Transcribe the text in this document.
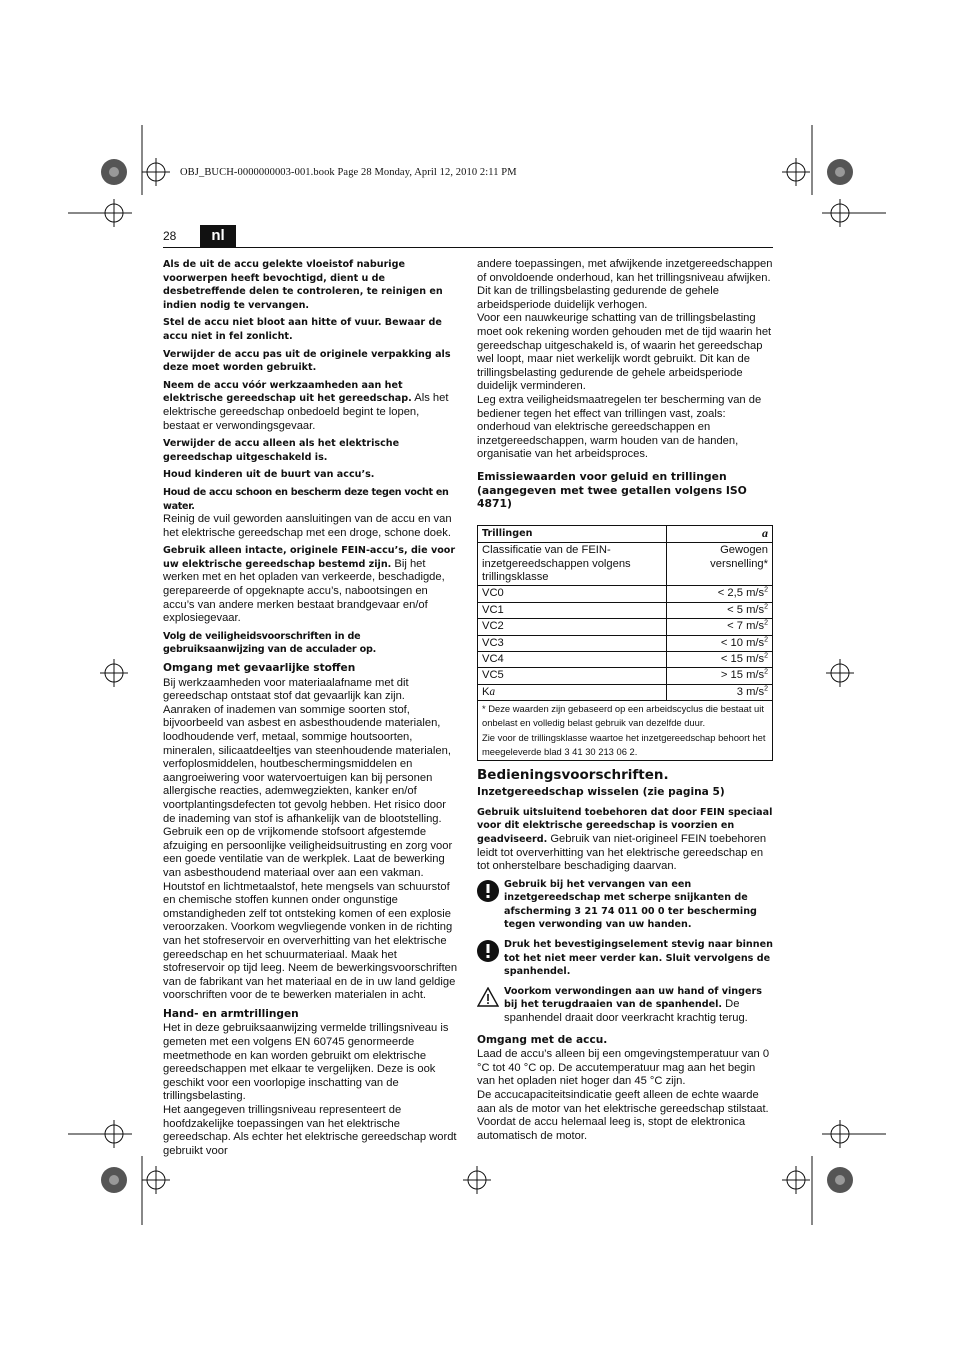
OBJ_BUCH-0000000003-001.book Page 28 Monday, April 12, 2010 2:11 PM
28	nl

Als de uit de accu gelekte vloeistof naburige voorwerpen heeft bevochtigd, dient u de desbetreffende delen te controleren, te reinigen en indien nodig te vervangen.

Stel de accu niet bloot aan hitte of vuur. Bewaar de accu niet in fel zonlicht.

Verwijder de accu pas uit de originele verpakking als deze moet worden gebruikt.

Neem de accu vóór werkzaamheden aan het elektrische gereedschap uit het gereedschap. Als het elektrische gereedschap onbedoeld begint te lopen, bestaat er verwondingsgevaar.

Verwijder de accu alleen als het elektrische gereedschap uitgeschakeld is.

Houd kinderen uit de buurt van accu’s.

Houd de accu schoon en bescherm deze tegen vocht en water.
Reinig de vuil geworden aansluitingen van de accu en van het elektrische gereedschap met een droge, schone doek.

Gebruik alleen intacte, originele FEIN-accu’s, die voor uw elektrische gereedschap bestemd zijn. Bij het werken met en het opladen van verkeerde, beschadigde, gerepareerde of opgeknapte accu’s, nabootsingen en accu’s van andere merken bestaat brandgevaar en/of explosiegevaar.

Volg de veiligheidsvoorschriften in de gebruiksaanwijzing van de acculader op.

Omgang met gevaarlijke stoffen

Bij werkzaamheden voor materiaalafname met dit gereedschap ontstaat stof dat gevaarlijk kan zijn.

Aanraken of inademen van sommige soorten stof, bijvoorbeeld van asbest en asbesthoudende materialen, loodhoudende verf, metaal, sommige houtsoorten, mineralen, silicaatdeeltjes van steenhoudende materialen, verfoplosmiddelen, houtbeschermingsmiddelen en aangroeiwering voor watervoertuigen kan bij personen allergische reacties, ademwegziekten, kanker en/of voortplantingsdefecten tot gevolg hebben. Het risico door de inademing van stof is afhankelijk van de blootstelling. Gebruik een op de vrijkomende stofsoort afgestemde afzuiging en persoonlijke veiligheidsuitrusting en zorg voor een goede ventilatie van de werkplek. Laat de bewerking van asbesthoudend materiaal over aan een vakman.

Houtstof en lichtmetaalstof, hete mengsels van schuurstof en chemische stoffen kunnen onder ongunstige omstandigheden zelf tot ontsteking komen of een explosie veroorzaken. Voorkom wegvliegende vonken in de richting van het stofreservoir en oververhitting van het elektrische gereedschap en het schuurmateriaal. Maak het stofreservoir op tijd leeg. Neem de bewerkingsvoorschriften van de fabrikant van het materiaal en de in uw land geldige voorschriften voor de te bewerken materialen in acht.

Hand- en armtrillingen

Het in deze gebruiksaanwijzing vermelde trillingsniveau is gemeten met een volgens EN 60745 genormeerde meetmethode en kan worden gebruikt om elektrische gereedschappen met elkaar te vergelijken. Deze is ook geschikt voor een voorlopige inschatting van de trillingsbelasting.

Het aangegeven trillingsniveau representeert de hoofdzakelijke toepassingen van het elektrische gereedschap. Als echter het elektrische gereedschap wordt gebruikt voor

andere toepassingen, met afwijkende inzetgereedschappen of onvoldoende onderhoud, kan het trillingsniveau afwijken. Dit kan de trillingsbelasting gedurende de gehele arbeidsperiode duidelijk verhogen.

Voor een nauwkeurige schatting van de trillingsbelasting moet ook rekening worden gehouden met de tijd waarin het gereedschap uitgeschakeld is, of waarin het gereedschap wel loopt, maar niet werkelijk wordt gebruikt. Dit kan de trillingsbelasting gedurende de gehele arbeidsperiode duidelijk verminderen.

Leg extra veiligheidsmaatregelen ter bescherming van de bediener tegen het effect van trillingen vast, zoals: onderhoud van elektrische gereedschappen en inzetgereedschappen, warm houden van de handen, organisatie van het arbeidsproces.

Emissiewaarden voor geluid en trillingen (aangegeven met twee getallen volgens ISO 4871)
Trillingen	a
Classificatie van de FEIN-inzetgereedschappen volgens trillingsklasse	Gewogen versnelling*
VC0	< 2,5 $m/s^2$
VC1	< 5 $m/s^2$
VC2	< 7 $m/s^2$
VC3	< 10 $m/s^2$
VC4	< 15 $m/s^2$
VC5	> 15 $m/s^2$
Ka	3 $m/s^2$

* Deze waarden zijn gebaseerd op een arbeidscyclus die bestaat uit onbelast en volledig belast gebruik van dezelfde duur.
Zie voor de trillingsklasse waartoe het inzetgereedschap behoort het meegeleverde blad 3 41 30 213 06 2.	
Bedieningsvoorschriften.
Inzetgereedschap wisselen (zie pagina 5)

Gebruik uitsluitend toebehoren dat door FEIN speciaal voor dit elektrische gereedschap is voorzien en geadviseerd. Gebruik van niet-origineel FEIN toebehoren leidt tot oververhitting van het elektrische gereedschap en tot onherstelbare beschadiging daarvan.

Gebruik bij het vervangen van een inzetgereedschap met scherpe snijkanten de afscherming 3 21 74 011 00 0 ter bescherming tegen verwonding van uw handen.
Druk het bevestigingselement stevig naar binnen tot het niet meer verder kan. Sluit vervolgens de spanhendel.
Voorkom verwondingen aan uw hand of vingers bij het terugdraaien van de spanhendel. De spanhendel draait door veerkracht krachtig terug.
Omgang met de accu.

Laad de accu’s alleen bij een omgevingstemperatuur van 0 °C tot 40 °C op. De accutemperatuur mag aan het begin van het opladen niet hoger dan 45 °C zijn.

De accucapaciteitsindicatie geeft alleen de echte waarde aan als de motor van het elektrische gereedschap stilstaat. Voordat de accu helemaal leeg is, stopt de elektronica automatisch de motor.
